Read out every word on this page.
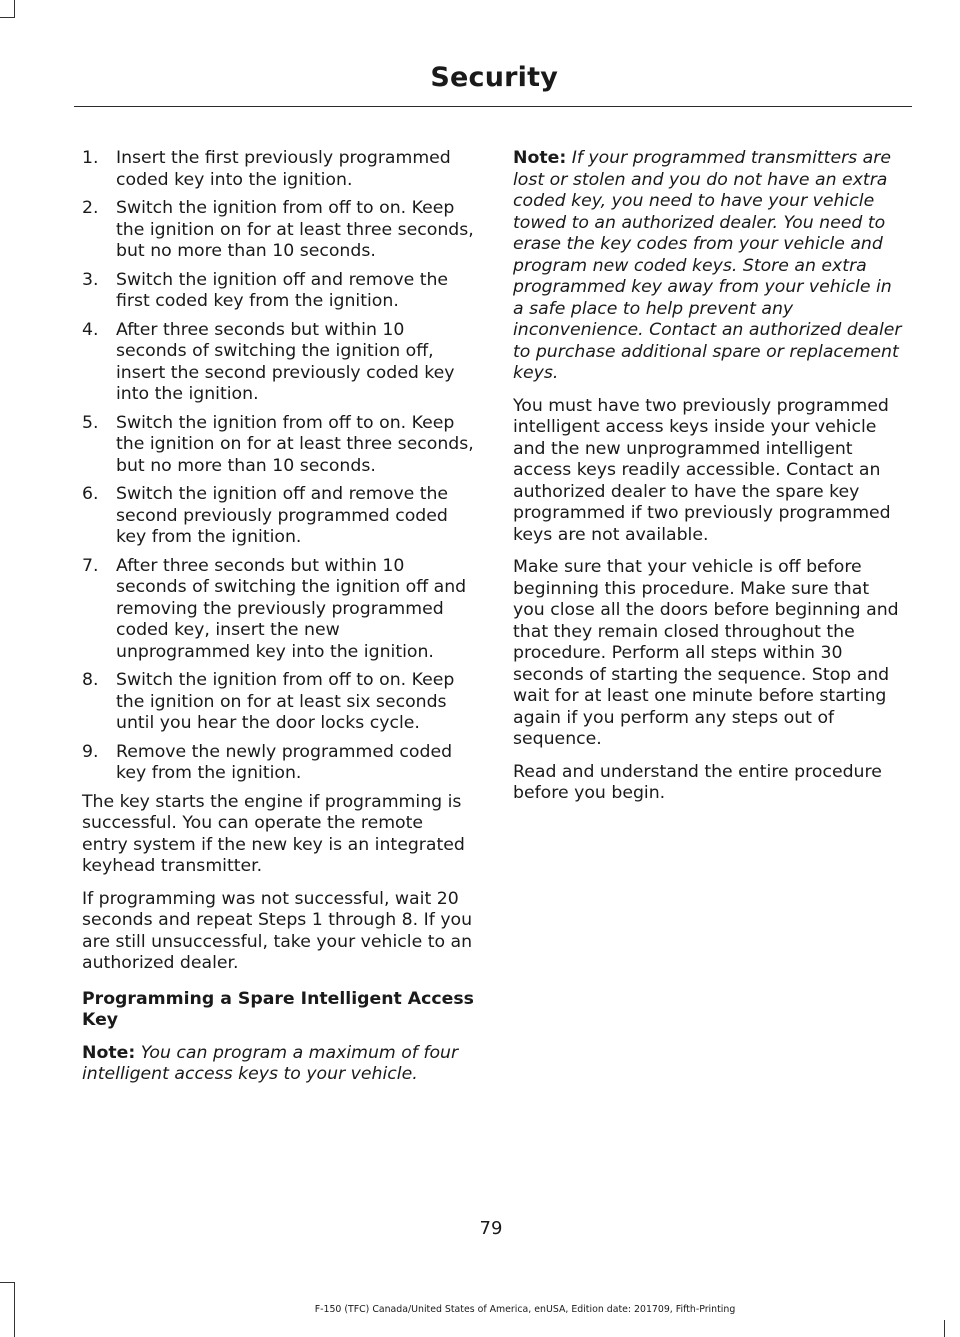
Security
1.	Insert the first previously programmed coded key into the ignition.
2.	Switch the ignition from off to on. Keep the ignition on for at least three seconds, but no more than 10 seconds.
3.	Switch the ignition off and remove the first coded key from the ignition.
4.	After three seconds but within 10 seconds of switching the ignition off, insert the second previously coded key into the ignition.
5.	Switch the ignition from off to on. Keep the ignition on for at least three seconds, but no more than 10 seconds.
6.	Switch the ignition off and remove the second previously programmed coded key from the ignition.
7.	After three seconds but within 10 seconds of switching the ignition off and removing the previously programmed coded key, insert the new unprogrammed key into the ignition.
8.	Switch the ignition from off to on. Keep the ignition on for at least six seconds until you hear the door locks cycle.
9.	Remove the newly programmed coded key from the ignition.

The key starts the engine if programming is successful. You can operate the remote entry system if the new key is an integrated keyhead transmitter.

If programming was not successful, wait 20 seconds and repeat Steps 1 through 8. If you are still unsuccessful, take your vehicle to an authorized dealer.

Programming a Spare Intelligent Access Key

Note: You can program a maximum of four intelligent access keys to your vehicle.

Note: If your programmed transmitters are lost or stolen and you do not have an extra coded key, you need to have your vehicle towed to an authorized dealer. You need to erase the key codes from your vehicle and program new coded keys. Store an extra programmed key away from your vehicle in a safe place to help prevent any inconvenience. Contact an authorized dealer to purchase additional spare or replacement keys.

You must have two previously programmed intelligent access keys inside your vehicle and the new unprogrammed intelligent access keys readily accessible. Contact an authorized dealer to have the spare key programmed if two previously programmed keys are not available.

Make sure that your vehicle is off before beginning this procedure. Make sure that you close all the doors before beginning and that they remain closed throughout the procedure. Perform all steps within 30 seconds of starting the sequence. Stop and wait for at least one minute before starting again if you perform any steps out of sequence.

Read and understand the entire procedure before you begin.

79
F-150 (TFC) Canada/United States of America, enUSA, Edition date: 201709, Fifth-Printing
